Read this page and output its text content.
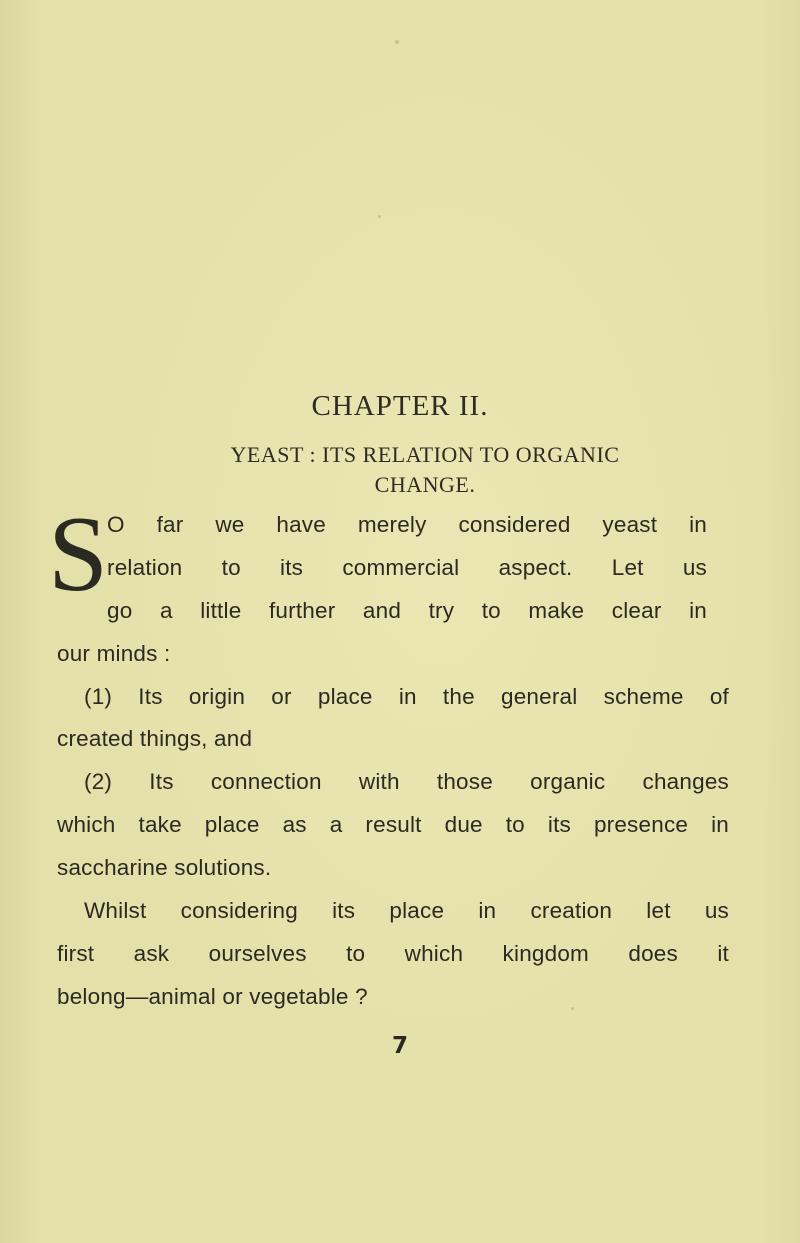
CHAPTER II.
YEAST : ITS RELATION TO ORGANIC
CHANGE.
S
O far we have merely considered yeast in
relation to its commercial aspect. Let us
go a little further and try to make clear in
our minds :
(1) Its origin or place in the general scheme of
created things, and
(2) Its connection with those organic changes
which take place as a result due to its presence in
saccharine solutions.
Whilst considering its place in creation let us
first ask ourselves to which kingdom does it
belong—animal or vegetable ?
7
